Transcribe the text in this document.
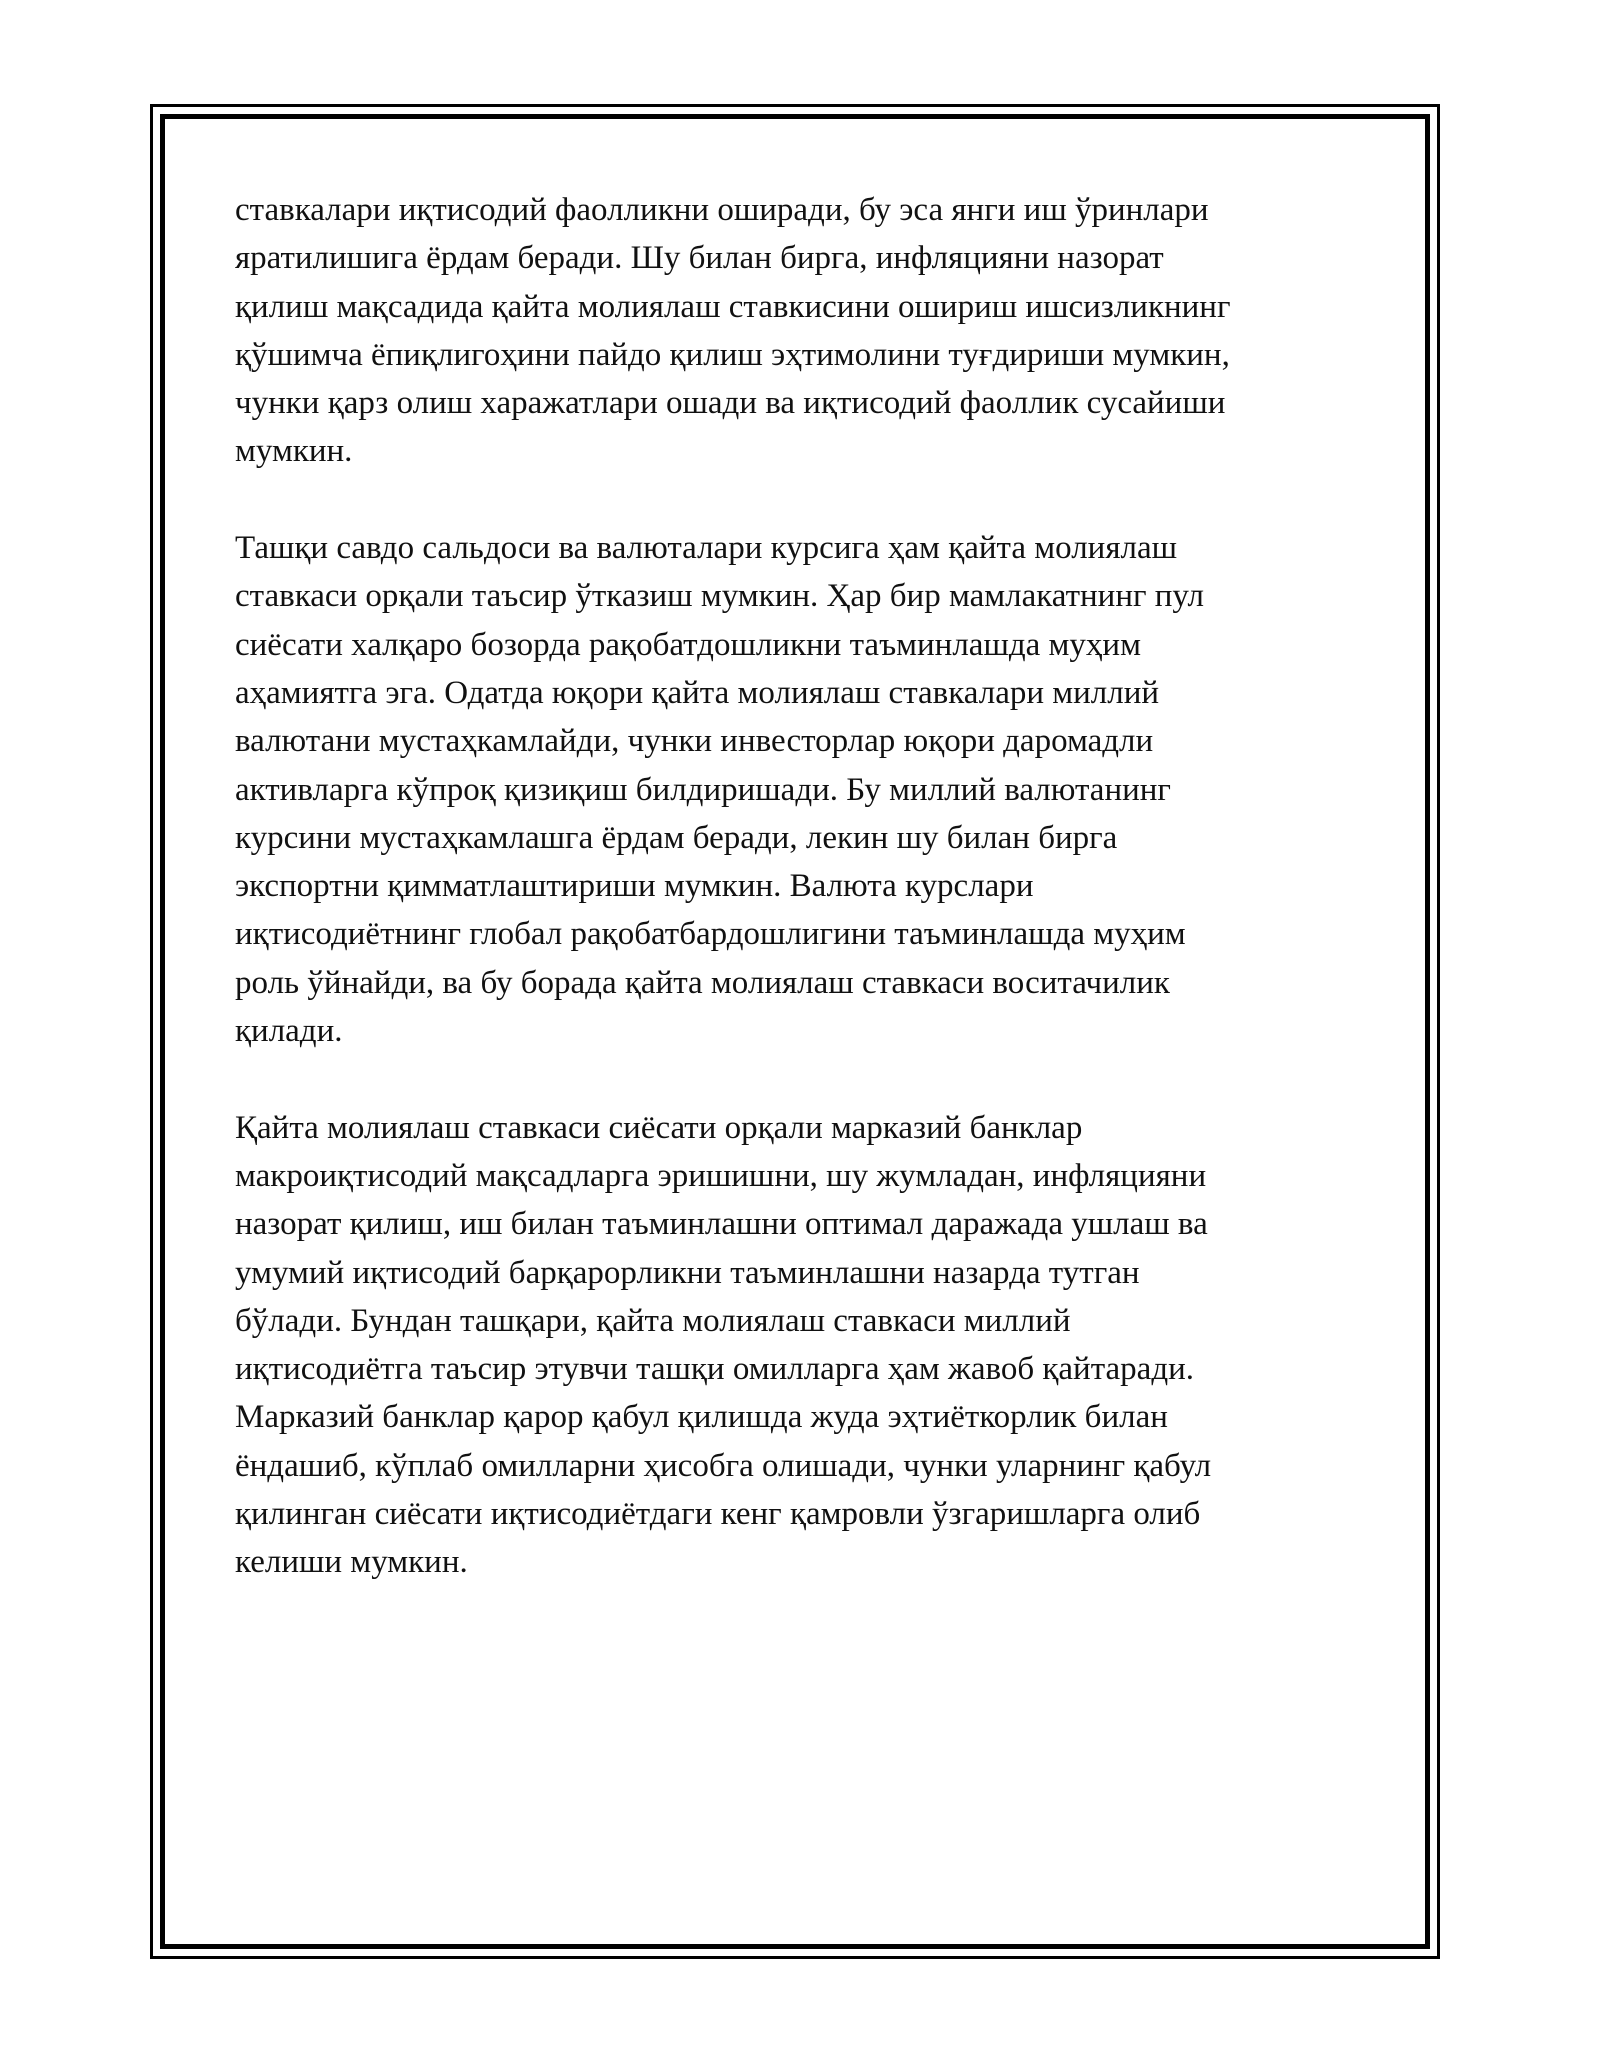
ставкалари иқтисодий фаолликни оширади, бу эса янги иш ўринлари
яратилишига ёрдам беради. Шу билан бирга, инфляцияни назорат
қилиш мақсадида қайта молиялаш ставкисини ошириш ишсизликнинг
қўшимча ёпиқлигоҳини пайдо қилиш эҳтимолини туғдириши мумкин,
чунки қарз олиш харажатлари ошади ва иқтисодий фаоллик сусайиши
мумкин.

Ташқи савдо сальдоси ва валюталари курсига ҳам қайта молиялаш
ставкаси орқали таъсир ўтказиш мумкин. Ҳар бир мамлакатнинг пул
сиёсати халқаро бозорда рақобатдошликни таъминлашда муҳим
аҳамиятга эга. Одатда юқори қайта молиялаш ставкалари миллий
валютани мустаҳкамлайди, чунки инвесторлар юқори даромадли
активларга кўпроқ қизиқиш билдиришади. Бу миллий валютанинг
курсини мустаҳкамлашга ёрдам беради, лекин шу билан бирга
экспортни қимматлаштириши мумкин. Валюта курслари
иқтисодиётнинг глобал рақобатбардошлигини таъминлашда муҳим
роль ўйнайди, ва бу борада қайта молиялаш ставкаси воситачилик
қилади.

Қайта молиялаш ставкаси сиёсати орқали марказий банклар
макроиқтисодий мақсадларга эришишни, шу жумладан, инфляцияни
назорат қилиш, иш билан таъминлашни оптимал даражада ушлаш ва
умумий иқтисодий барқарорликни таъминлашни назарда тутган
бўлади. Бундан ташқари, қайта молиялаш ставкаси миллий
иқтисодиётга таъсир этувчи ташқи омилларга ҳам жавоб қайтаради.
Марказий банклар қарор қабул қилишда жуда эҳтиёткорлик билан
ёндашиб, кўплаб омилларни ҳисобга олишади, чунки уларнинг қабул
қилинган сиёсати иқтисодиётдаги кенг қамровли ўзгаришларга олиб
келиши мумкин.
